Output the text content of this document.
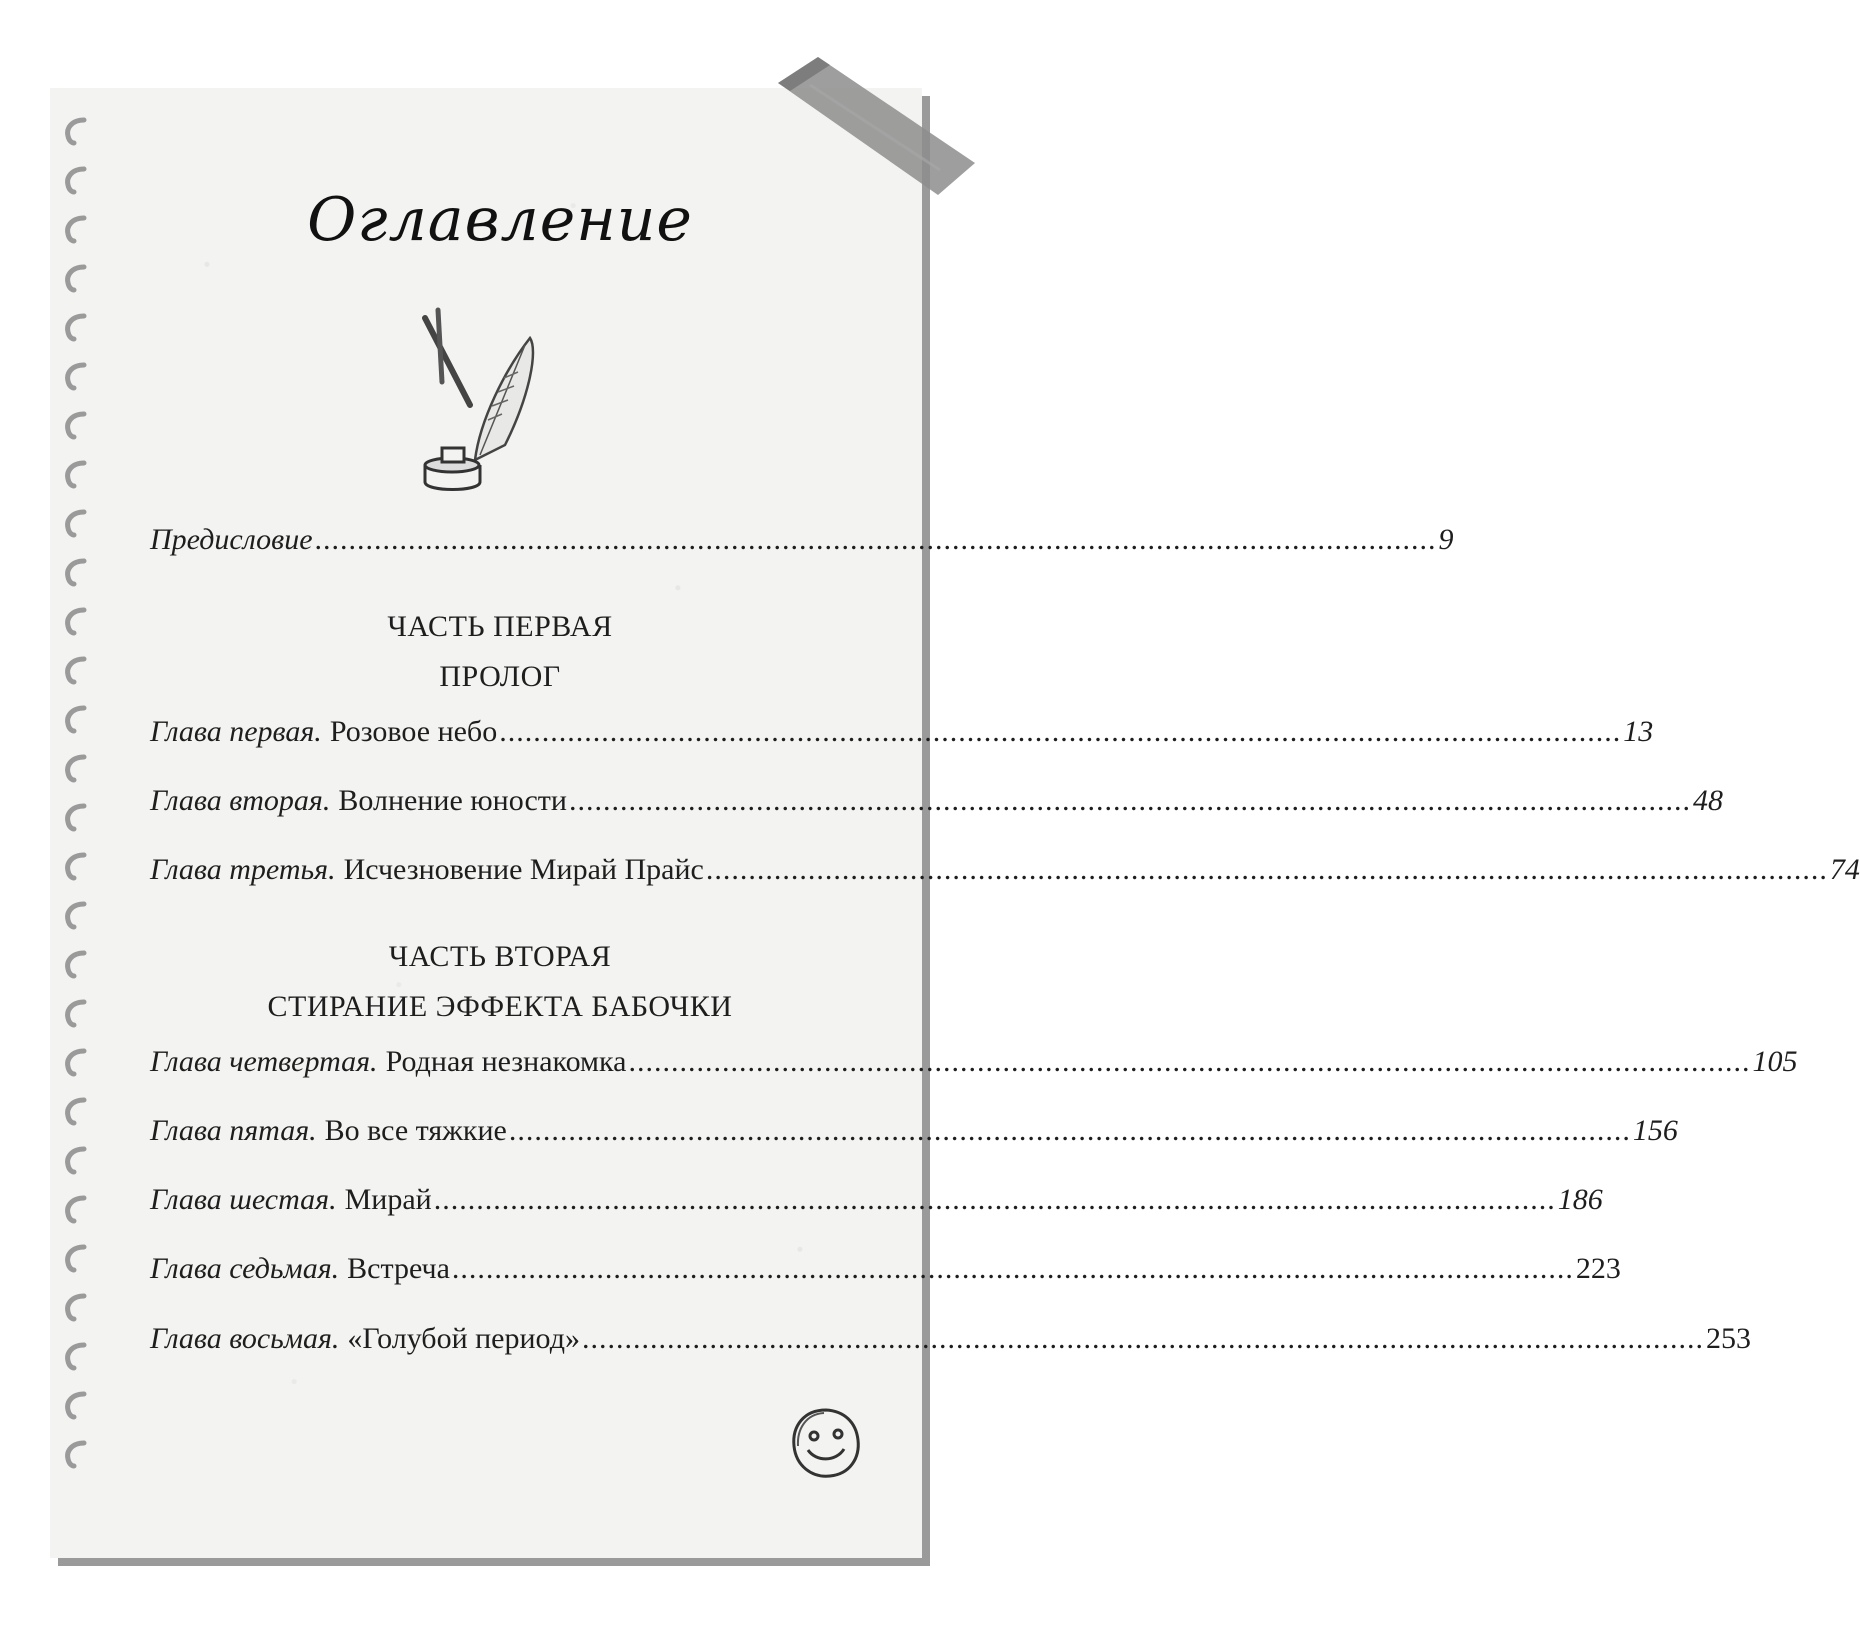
Оглавление
Предисловие .................................................................................................................................... 9
ЧАСТЬ ПЕРВАЯ
ПРОЛОГ
Глава первая. Розовое небо .................................................................................................................................... 13
Глава вторая. Волнение юности .................................................................................................................................... 48
Глава третья. Исчезновение Мирай Прайс .................................................................................................................................... 74
ЧАСТЬ ВТОРАЯ
СТИРАНИЕ ЭФФЕКТА БАБОЧКИ
Глава четвертая. Родная незнакомка .................................................................................................................................... 105
Глава пятая. Во все тяжкие .................................................................................................................................... 156
Глава шестая. Мирай .................................................................................................................................... 186
Глава седьмая. Встреча .................................................................................................................................... 223
Глава восьмая. «Голубой период» .................................................................................................................................... 253
